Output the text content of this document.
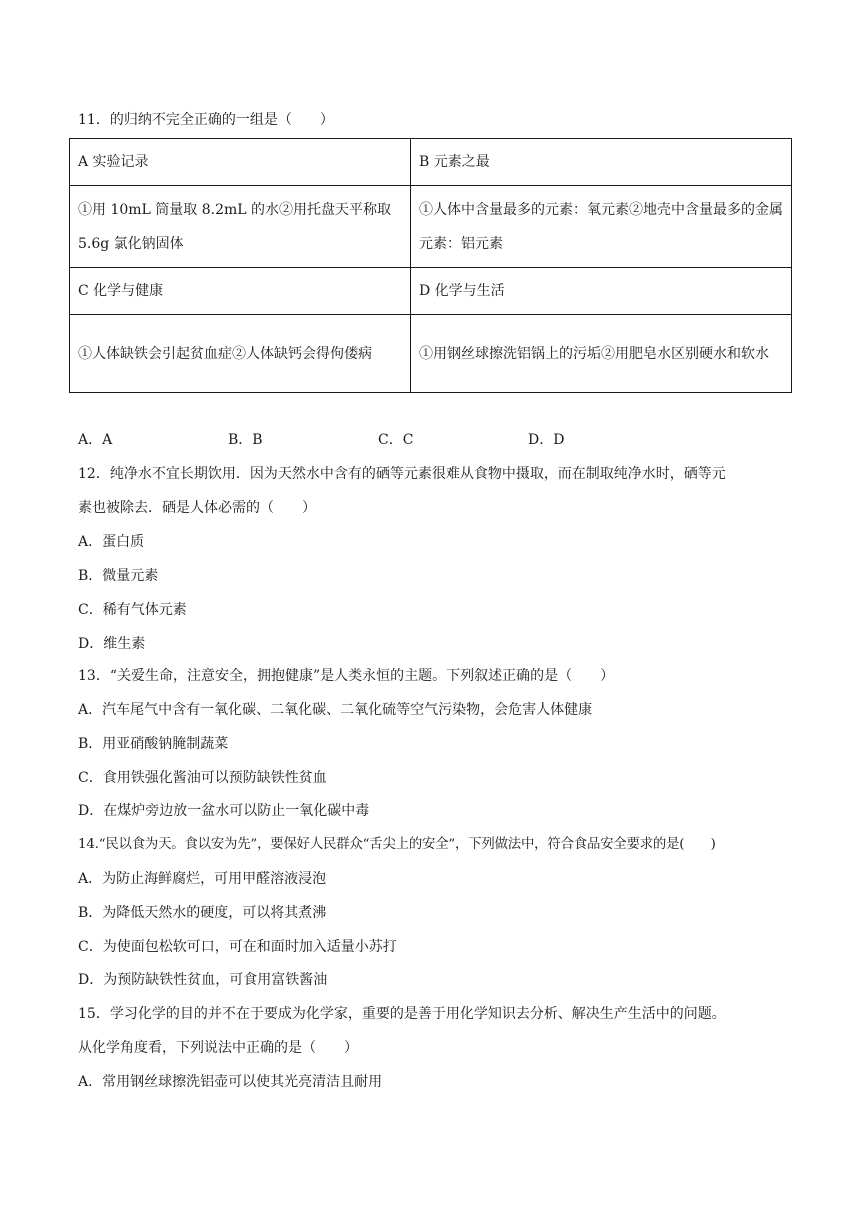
11．的归纳不完全正确的一组是（　　）
A 实验记录	B 元素之最
①用 10mL 筒量取 8.2mL 的水②用托盘天平称取 5.6g 氯化钠固体	①人体中含量最多的元素：氧元素②地壳中含量最多的金属元素：铝元素
C 化学与健康	D 化学与生活
①人体缺铁会引起贫血症②人体缺钙会得佝偻病	①用钢丝球擦洗铝锅上的污垢②用肥皂水区别硬水和软水
A．A	B．B	C．C	D．D
12．纯净水不宜长期饮用．因为天然水中含有的硒等元素很难从食物中摄取，而在制取纯净水时，硒等元
素也被除去．硒是人体必需的（　　）
A．蛋白质
B．微量元素
C．稀有气体元素
D．维生素
13．“关爱生命，注意安全，拥抱健康”是人类永恒的主题。下列叙述正确的是（　　）
A．汽车尾气中含有一氧化碳、二氧化碳、二氧化硫等空气污染物，会危害人体健康
B．用亚硝酸钠腌制蔬菜
C．食用铁强化酱油可以预防缺铁性贫血
D．在煤炉旁边放一盆水可以防止一氧化碳中毒
14.“民以食为天。食以安为先”，要保好人民群众“舌尖上的安全”，下列做法中，符合食品安全要求的是(　　)
A．为防止海鲜腐烂，可用甲醛溶液浸泡
B．为降低天然水的硬度，可以将其煮沸
C．为使面包松软可口，可在和面时加入适量小苏打
D．为预防缺铁性贫血，可食用富铁酱油
15．学习化学的目的并不在于要成为化学家，重要的是善于用化学知识去分析、解决生产生活中的问题。
从化学角度看，下列说法中正确的是（　　）
A．常用钢丝球擦洗铝壶可以使其光亮清洁且耐用
